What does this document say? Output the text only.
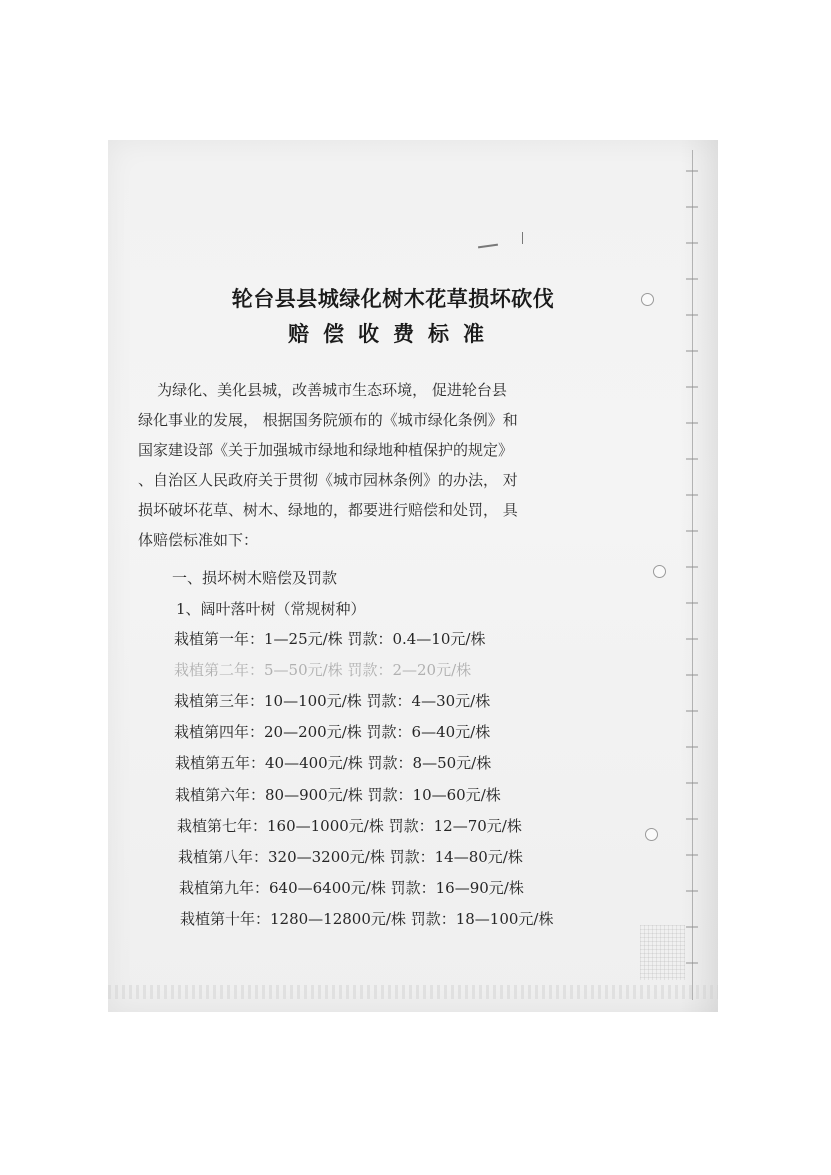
轮台县县城绿化树木花草损坏砍伐
赔偿收费标准
为绿化、美化县城，改善城市生态环境， 促进轮台县
绿化事业的发展， 根据国务院颁布的《城市绿化条例》和
国家建设部《关于加强城市绿地和绿地种植保护的规定》
、自治区人民政府关于贯彻《城市园林条例》的办法， 对
损坏破坏花草、树木、绿地的，都要进行赔偿和处罚， 具
体赔偿标准如下：

一、损坏树木赔偿及罚款

1、阔叶落叶树（常规树种）

栽植第一年：1—25元/株 罚款：0.4—10元/株
栽植第二年：5—50元/株 罚款：2—20元/株
栽植第三年：10—100元/株 罚款：4—30元/株
栽植第四年：20—200元/株 罚款：6—40元/株
栽植第五年：40—400元/株 罚款：8—50元/株
栽植第六年：80—900元/株 罚款：10—60元/株
栽植第七年：160—1000元/株 罚款：12—70元/株
栽植第八年：320—3200元/株 罚款：14—80元/株
栽植第九年：640—6400元/株 罚款：16—90元/株
栽植第十年：1280—12800元/株 罚款：18—100元/株
